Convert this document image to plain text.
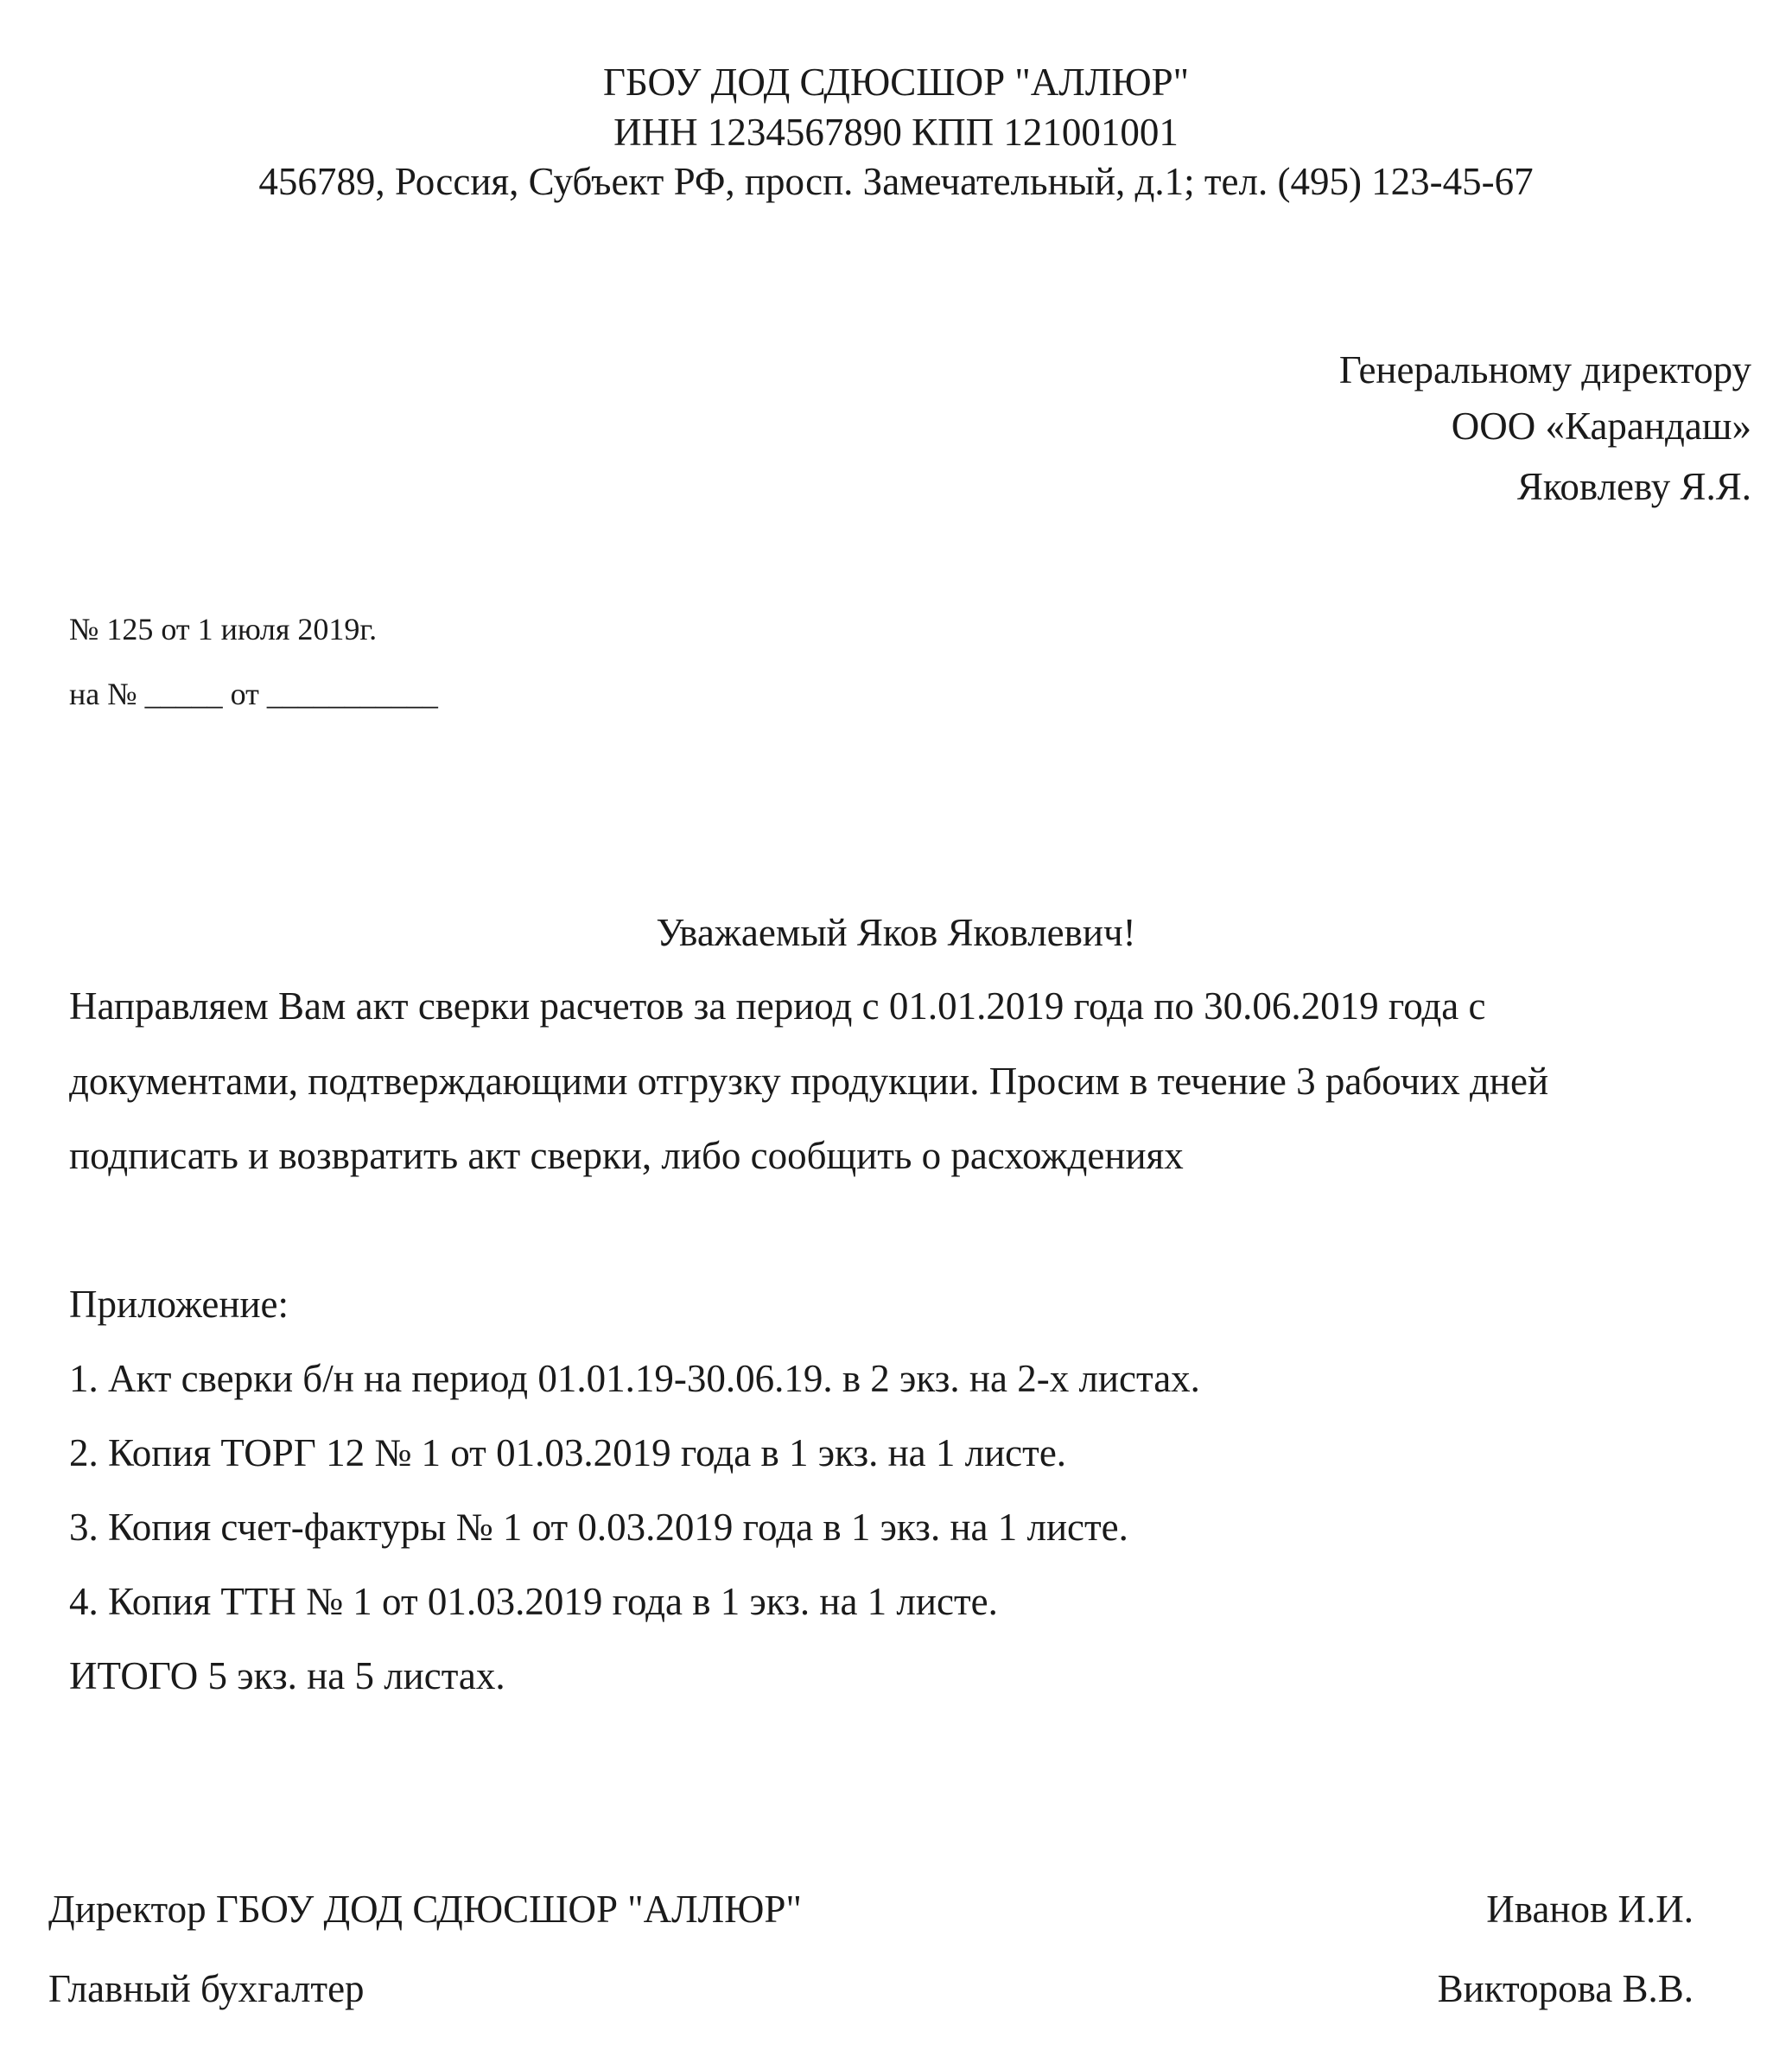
ГБОУ ДОД СДЮСШОР "АЛЛЮР"
ИНН 1234567890 КПП 121001001
456789, Россия, Субъект РФ, просп. Замечательный, д.1; тел. (495) 123-45-67
Генеральному директору
ООО «Карандаш»
Яковлеву Я.Я.
№ 125 от 1 июля 2019г.
на № _____ от ___________
Уважаемый Яков Яковлевич!
Направляем Вам акт сверки расчетов за период с 01.01.2019 года по 30.06.2019 года с
документами, подтверждающими отгрузку продукции. Просим в течение 3 рабочих дней
подписать и возвратить акт сверки, либо сообщить о расхождениях
Приложение:
1. Акт сверки б/н на период 01.01.19-30.06.19. в 2 экз. на 2-х листах.
2. Копия ТОРГ 12 № 1 от 01.03.2019 года в 1 экз. на 1 листе.
3. Копия счет-фактуры № 1 от 0.03.2019 года в 1 экз. на 1 листе.
4. Копия ТТН № 1 от 01.03.2019 года в 1 экз. на 1 листе.
ИТОГО 5 экз. на 5 листах.
Директор ГБОУ ДОД СДЮСШОР "АЛЛЮР"	Иванов И.И.
Главный бухгалтер	Викторова В.В.
